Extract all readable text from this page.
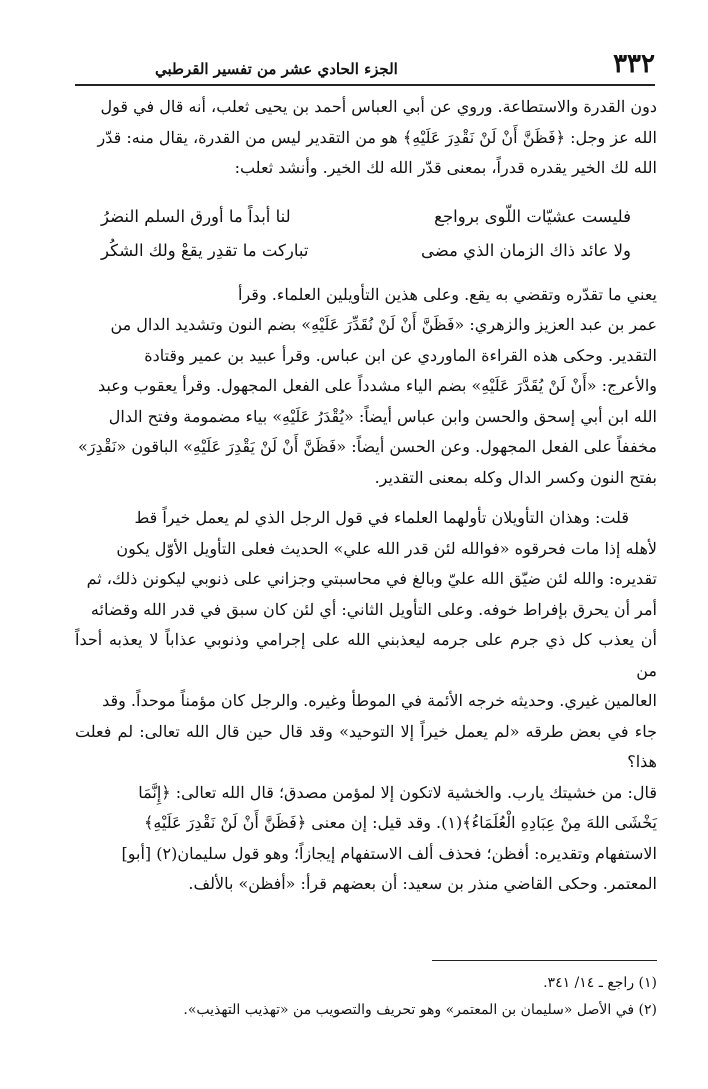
٣٣٢
الجزء الحادي عشر من تفسير القرطبي

دون القدرة والاستطاعة. وروي عن أبي العباس أحمد بن يحيى ثعلب، أنه قال في قول

الله عز وجل: ﴿فَظَنَّ أَنْ لَنْ نَقْدِرَ عَلَيْهِ﴾ هو من التقدير ليس من القدرة، يقال منه: قدّر

الله لك الخير يقدره قدراً، بمعنى قدّر الله لك الخير. وأنشد ثعلب:

فليست عشيّات اللّوى برواجع
لنا أبداً ما أورق السلم النضرُ
ولا عائد ذاك الزمان الذي مضى
تباركت ما تقدِر يقعْ ولك الشكُر

يعني ما تقدّره وتقضي به يقع. وعلى هذين التأويلين العلماء. وقرأ

عمر بن عبد العزيز والزهري: «فَظَنَّ أَنْ لَنْ نُقَدِّرَ عَلَيْهِ» بضم النون وتشديد الدال من

التقدير. وحكى هذه القراءة الماوردي عن ابن عباس. وقرأ عبيد بن عمير وقتادة

والأعرج: «أَنْ لَنْ يُقَدَّرَ عَلَيْهِ» بضم الياء مشدداً على الفعل المجهول. وقرأ يعقوب وعبد

الله ابن أبي إسحق والحسن وابن عباس أيضاً: «يُقْدَرُ عَلَيْهِ» بياء مضمومة وفتح الدال

مخففاً على الفعل المجهول. وعن الحسن أيضاً: «فَظَنَّ أَنْ لَنْ يَقْدِرَ عَلَيْهِ» الباقون «نَقْدِرَ»

بفتح النون وكسر الدال وكله بمعنى التقدير.

قلت: وهذان التأويلان تأولهما العلماء في قول الرجل الذي لم يعمل خيراً قط

لأهله إذا مات فحرقوه «فوالله لئن قدر الله علي» الحديث فعلى التأويل الأوّل يكون

تقديره: والله لئن ضيّق الله عليّ وبالغ في محاسبتي وجزاني على ذنوبي ليكونن ذلك، ثم

أمر أن يحرق بإفراط خوفه. وعلى التأويل الثاني: أي لئن كان سبق في قدر الله وقضائه

أن يعذب كل ذي جرم على جرمه ليعذبني الله على إجرامي وذنوبي عذاباً لا يعذبه أحداً من

العالمين غيري. وحديثه خرجه الأئمة في الموطأ وغيره. والرجل كان مؤمناً موحداً. وقد

جاء في بعض طرقه «لم يعمل خيراً إلا التوحيد» وقد قال حين قال الله تعالى: لم فعلت هذا؟

قال: من خشيتك يارب. والخشية لاتكون إلا لمؤمن مصدق؛ قال الله تعالى: ﴿إِنَّمَا

يَخْشَى اللهَ مِنْ عِبَادِهِ الْعُلَمَاءُ﴾(١). وقد قيل: إن معنى ﴿فَظَنَّ أَنْ لَنْ نَقْدِرَ عَلَيْهِ﴾

الاستفهام وتقديره: أفظن؛ فحذف ألف الاستفهام إيجازاً؛ وهو قول سليمان(٢) [أبو]

المعتمر. وحكى القاضي منذر بن سعيد: أن بعضهم قرأ: «أفظن» بالألف.

(١) راجع ـ ١٤/ ٣٤١.

(٢) في الأصل «سليمان بن المعتمر» وهو تحريف والتصويب من «تهذيب التهذيب».
